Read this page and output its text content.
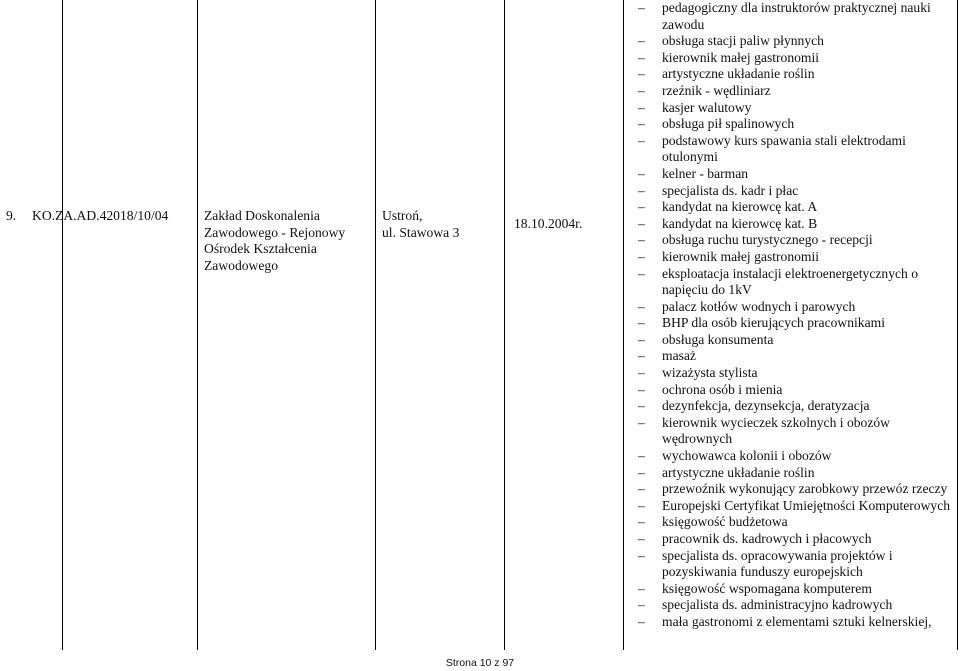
9. KO.ZA.AD.42018/10/04	Zakład Doskonalenia
Zawodowego - Rejonowy
Ośrodek Kształcenia
Zawodowego
Ustroń,
ul. Stawowa 3
18.10.2004r.
– pedagogiczny dla instruktorów praktycznej nauki zawodu
– obsługa stacji paliw płynnych
– kierownik małej gastronomii
– artystyczne układanie roślin
– rzeźnik - wędliniarz
– kasjer walutowy
– obsługa pił spalinowych
– podstawowy kurs spawania stali elektrodami otulonymi
– kelner - barman
– specjalista ds. kadr i płac
– kandydat na kierowcę kat. A
– kandydat na kierowcę kat. B
– obsługa ruchu turystycznego - recepcji
– kierownik małej gastronomii
– eksploatacja instalacji elektroenergetycznych o napięciu do 1kV
– palacz kotłów wodnych i parowych
– BHP dla osób kierujących pracownikami
– obsługa konsumenta
– masaż
– wizażysta stylista
– ochrona osób i mienia
– dezynfekcja, dezynsekcja, deratyzacja
– kierownik wycieczek szkolnych i obozów wędrownych
– wychowawca kolonii i obozów
– artystyczne układanie roślin
– przewoźnik wykonujący zarobkowy przewóz rzeczy
– Europejski Certyfikat Umiejętności Komputerowych
– księgowość budżetowa
– pracownik ds. kadrowych i płacowych
– specjalista ds. opracowywania projektów i pozyskiwania funduszy europejskich
– księgowość wspomagana komputerem
– specjalista ds. administracyjno kadrowych
– mała gastronomi z elementami sztuki kelnerskiej,
Strona 10 z 97
